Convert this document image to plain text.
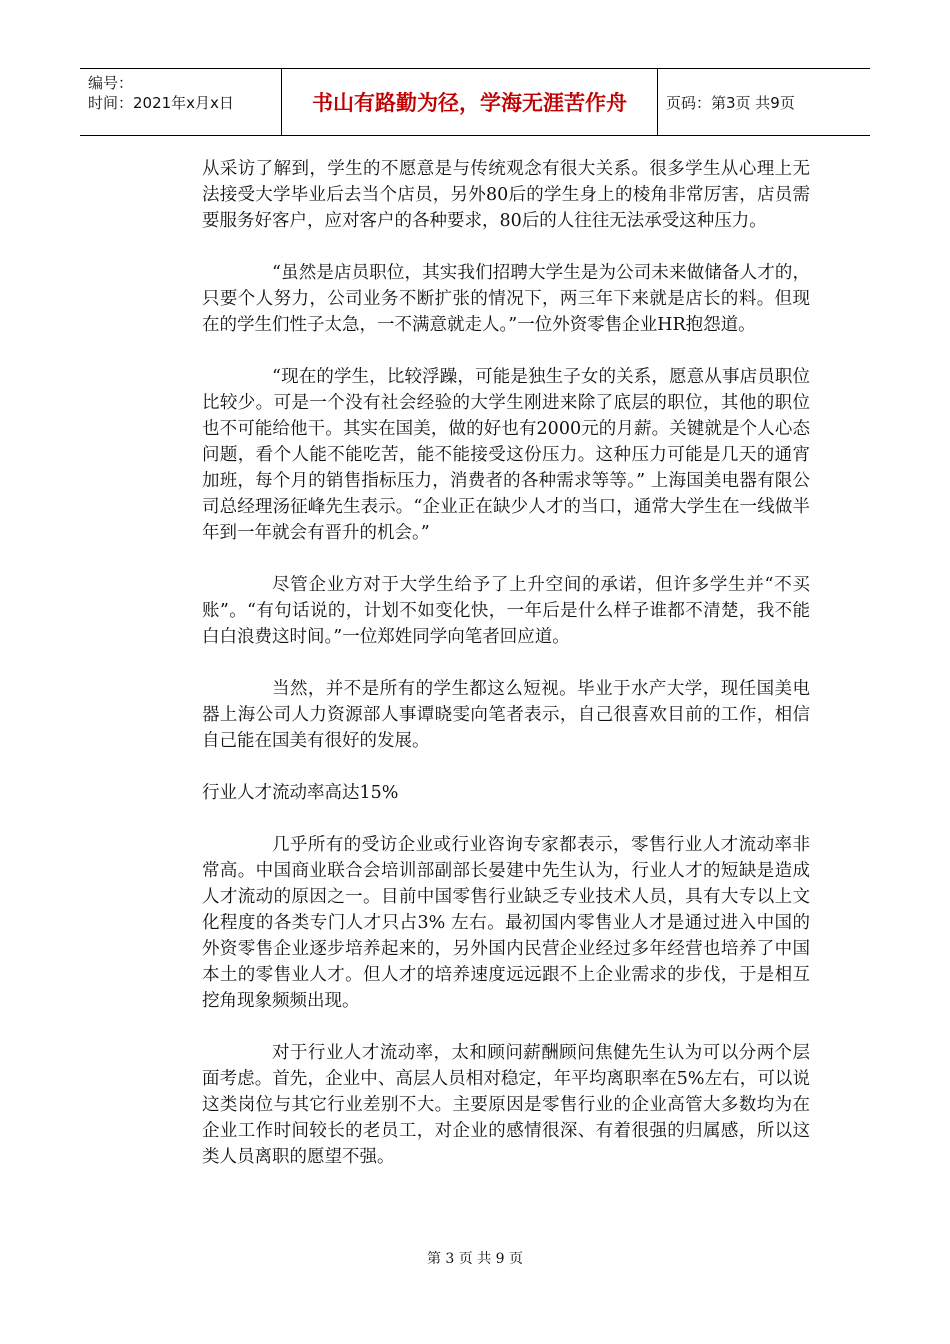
编号：
时间：2021年x月x日	书山有路勤为径，学海无涯苦作舟	页码：第3页 共9页

从采访了解到，学生的不愿意是与传统观念有很大关系。很多学生从心理上无法接受大学毕业后去当个店员，另外80后的学生身上的棱角非常厉害，店员需要服务好客户，应对客户的各种要求，80后的人往往无法承受这种压力。

“虽然是店员职位，其实我们招聘大学生是为公司未来做储备人才的，只要个人努力，公司业务不断扩张的情况下，两三年下来就是店长的料。但现在的学生们性子太急，一不满意就走人。”一位外资零售企业HR抱怨道。

“现在的学生，比较浮躁，可能是独生子女的关系，愿意从事店员职位比较少。可是一个没有社会经验的大学生刚进来除了底层的职位，其他的职位也不可能给他干。其实在国美，做的好也有2000元的月薪。关键就是个人心态问题，看个人能不能吃苦，能不能接受这份压力。这种压力可能是几天的通宵加班，每个月的销售指标压力，消费者的各种需求等等。” 上海国美电器有限公司总经理汤征峰先生表示。“企业正在缺少人才的当口，通常大学生在一线做半年到一年就会有晋升的机会。”

尽管企业方对于大学生给予了上升空间的承诺，但许多学生并“不买账”。“有句话说的，计划不如变化快，一年后是什么样子谁都不清楚，我不能白白浪费这时间。”一位郑姓同学向笔者回应道。

当然，并不是所有的学生都这么短视。毕业于水产大学，现任国美电器上海公司人力资源部人事谭晓雯向笔者表示，自己很喜欢目前的工作，相信自己能在国美有很好的发展。

行业人才流动率高达15%

几乎所有的受访企业或行业咨询专家都表示，零售行业人才流动率非常高。中国商业联合会培训部副部长晏建中先生认为，行业人才的短缺是造成人才流动的原因之一。目前中国零售行业缺乏专业技术人员，具有大专以上文化程度的各类专门人才只占3% 左右。最初国内零售业人才是通过进入中国的外资零售企业逐步培养起来的，另外国内民营企业经过多年经营也培养了中国本土的零售业人才。但人才的培养速度远远跟不上企业需求的步伐，于是相互挖角现象频频出现。

对于行业人才流动率，太和顾问薪酬顾问焦健先生认为可以分两个层面考虑。首先，企业中、高层人员相对稳定，年平均离职率在5%左右，可以说这类岗位与其它行业差别不大。主要原因是零售行业的企业高管大多数均为在企业工作时间较长的老员工，对企业的感情很深、有着很强的归属感，所以这类人员离职的愿望不强。

第 3 页 共 9 页
